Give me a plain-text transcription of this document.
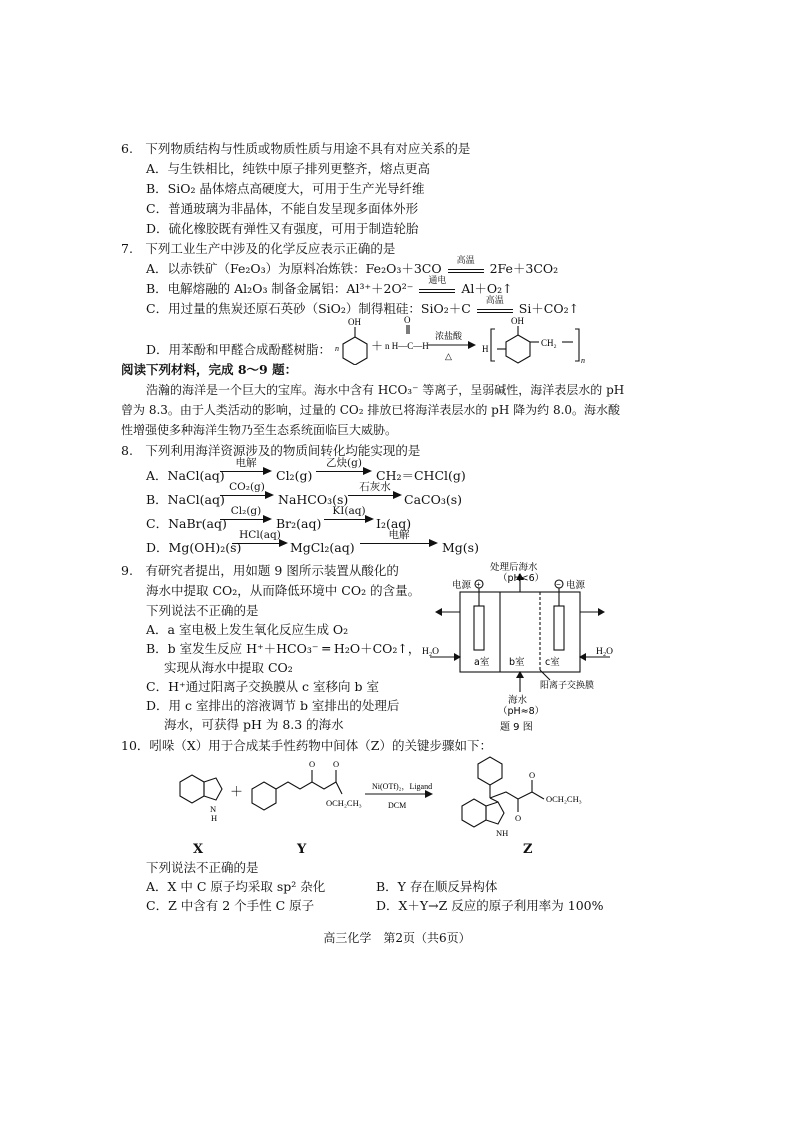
6.　下列物质结构与性质或物质性质与用途不具有对应关系的是
A．与生铁相比，纯铁中原子排列更整齐，熔点更高
B．SiO₂ 晶体熔点高硬度大，可用于生产光导纤维
C．普通玻璃为非晶体，不能自发呈现多面体外形
D．硫化橡胶既有弹性又有强度，可用于制造轮胎
7.　下列工业生产中涉及的化学反应表示正确的是
A．以赤铁矿（Fe₂O₃）为原料冶炼铁：Fe₂O₃＋3CO
高温
2Fe＋3CO₂
B．电解熔融的 Al₂O₃ 制备金属铝：Al³⁺＋2O²⁻
通电
Al＋O₂↑
C．用过量的焦炭还原石英砂（SiO₂）制得粗硅：SiO₂＋C
高温
Si＋CO₂↑
D．用苯酚和甲醛合成酚醛树脂： n
OH
＋ n H—C—H
O
浓盐酸
△
H
OH
CH₂
n
阅读下列材料，完成 8～9 题：
浩瀚的海洋是一个巨大的宝库。海水中含有 HCO₃⁻ 等离子，呈弱碱性，海洋表层水的 pH
曾为 8.3。由于人类活动的影响，过量的 CO₂ 排放已将海洋表层水的 pH 降为约 8.0。海水酸
性增强使多种海洋生物乃至生态系统面临巨大威胁。
8.　下列利用海洋资源涉及的物质间转化均能实现的是
A．NaCl(aq)
电解
Cl₂(g)
乙炔(g)
CH₂＝CHCl(g)
B．NaCl(aq)
CO₂(g)
NaHCO₃(s)
石灰水
CaCO₃(s)
C．NaBr(aq)
Cl₂(g)
Br₂(aq)
KI(aq)
I₂(aq)
D．Mg(OH)₂(s)
HCl(aq)
MgCl₂(aq)
电解
Mg(s)
9.　有研究者提出，用如题 9 图所示装置从酸化的
海水中提取 CO₂，从而降低环境中 CO₂ 的含量。
下列说法不正确的是
A．a 室电极上发生氧化反应生成 O₂
B．b 室发生反应 H⁺＋HCO₃⁻ ═ H₂O＋CO₂↑，
实现从海水中提取 CO₂
C．H⁺通过阳离子交换膜从 c 室移向 b 室
D．用 c 室排出的溶液调节 b 室排出的处理后
海水，可获得 pH 为 8.3 的海水
+	−
处理后海水
（pH<6）
电源	电源
H₂O	H₂O
a室 b室 c室
阳离子交换膜
海水
（pH≈8）
题 9 图
10．吲哚（X）用于合成某手性药物中间体（Z）的关键步骤如下：
N
H
＋
O O
OCH₂CH₃
Ni(OTf)₂，Ligand
DCM
O
O
OCH₂CH₃
NH
X	Y	Z
下列说法不正确的是
A．X 中 C 原子均采取 sp² 杂化	B．Y 存在顺反异构体
C．Z 中含有 2 个手性 C 原子	D．X＋Y→Z 反应的原子利用率为 100%
高三化学　第2页（共6页）
